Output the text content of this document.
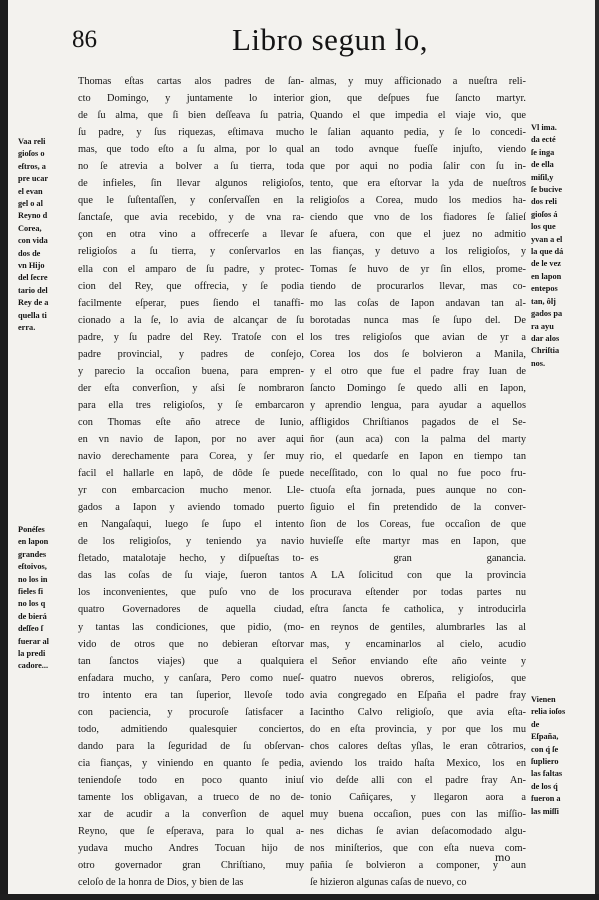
86	Libro segun lo,
Vaa reli
gioſos o
eſtros, a
pre ucar
el evan
gel o al
Reyno d
Corea,
con vida
dos de
vn Hijo
del ſecre
tario del
Rey de a
quella ti
erra.
Ponéſes
en lapon
grandes
eſtoivos,
no los in
fieles fi
no los q
de bierá
deſſeo ſ
fuerar al
la predi
cadore...
Thomas eſtas cartas alos padres de ſan-
cto Domingo, y juntamente lo interior
de ſu alma, que ſi bien deſſeava ſu patria,
ſu padre, y ſus riquezas, eſtimava mucho
mas, que todo eſto a ſu alma, por lo qual
no ſe atrevia a bolver a ſu tierra, toda
de infieles, ſin llevar algunos religioſos,
que le ſuſtentaſſen, y conſervaſſen en la
ſanctaſe, que avia recebido, y de vna ra-
çon en otra vino a offrecerſe a llevar
religioſos a ſu tierra, y conſervarlos en
ella con el amparo de ſu padre, y protec-
cion del Rey, que offrecia, y ſe podia
facilmente eſperar, pues ſiendo el tanaffi-
cionado a la ſe, lo avia de alcançar de ſu
padre, y ſu padre del Rey. Tratoſe con el
padre provincial, y padres de conſejo,
y parecio la occaſion buena, para empren-
der eſta converſion, y aſsi ſe nombraron
para ella tres religioſos, y ſe embarcaron
con Thomas eſte año atrece de Iunio,
en vn navio de Iapon, por no aver aqui
navio derechamente para Corea, y ſer muy
facil el hallarle en lapô, de dôde ſe puede
yr con embarcacion mucho menor. Lle-
gados a Iapon y aviendo tomado puerto
en Nangaſaqui, luego ſe ſupo el intento
de los religioſos, y teniendo ya navio
fletado, matalotaje hecho, y diſpueſtas to-
das las coſas de ſu viaje, ſueron tantos
los inconvenientes, que puſo vno de los
quatro Governadores de aquella ciudad,
y tantas las condiciones, que pidio, (mo-
vido de otros que no debieran eſtorvar
tan ſanctos viajes) que a qualquiera
enfadara mucho, y canſara, Pero como nueſ-
tro intento era tan ſuperior, llevoſe todo
con paciencia, y procuroſe ſatisfacer a
todo, admitiendo qualesquier conciertos,
dando para la ſeguridad de ſu obſervan-
cia fianças, y viniendo en quanto ſe pedia,
teniendoſe todo en poco quanto iniuſ
tamente los obligavan, a trueco de no de-
xar de acudir a la converſion de aquel
Reyno, que ſe eſperava, para lo qual a-
yudava mucho Andres Tocuan hijo de
otro governador gran Chriſtiano, muy
celoſo de la honra de Dios, y bien de las
almas, y muy afficionado a nueſtra reli-
gion, que deſpues fue ſancto martyr.
Quando el que impedia el viaje vio, que
le ſalian aquanto pedia, y ſe lo concedi-
an todo avnque fueſſe injuſto, viendo
que por aqui no podia ſalir con ſu in-
tento, que era eſtorvar la yda de nueſtros
religioſos a Corea, mudo los medios ha-
ciendo que vno de los fiadores ſe ſalieſ
ſe afuera, con que el juez no admitio
las fianças, y detuvo a los religioſos, y
Tomas ſe huvo de yr ſin ellos, prome-
tiendo de procurarlos llevar, mas co-
mo las coſas de Iapon andavan tan al-
borotadas nunca mas ſe ſupo del. De
los tres religioſos que avian de yr a
Corea los dos ſe bolvieron a Manila,
y el otro que fue el padre fray Iuan de
ſancto Domingo ſe quedo alli en Iapon,
y aprendio lengua, para ayudar a aquellos
affligidos Chriſtianos pagados de el Se-
ñor (aun aca) con la palma del marty
rio, el quedarſe en Iapon en tiempo tan
neceſſitado, con lo qual no fue poco fru-
ctuoſa eſta jornada, pues aunque no con-
ſiguio el fin pretendido de la conver-
ſion de los Coreas, fue occaſion de que
huvieſſe eſte martyr mas en Iapon, que
es gran ganancia.
A LA ſolicitud con que la provincia
procurava eſtender por todas partes nu
eſtra ſancta fe catholica, y introducirla
en reynos de gentiles, alumbrarles las al
mas, y encaminarlos al cielo, acudio
el Señor enviando eſte año veinte y
quatro nuevos obreros, religioſos, que
avia congregado en Eſpaña el padre fray
Iacintho Calvo religioſo, que avia eſta-
do en eſta provincia, y por que los mu
chos calores deſtas yſlas, le eran côtrarios,
aviendo los traido haſta Mexico, los en
vio deſde alli con el padre fray An-
tonio Cañiçares, y llegaron aora a
muy buena occaſion, pues con las miſſio-
nes dichas ſe avian deſacomodado algu-
nos miniſterios, que con eſta nueva com-
pañia ſe bolvieron a componer, y aun
ſe hizieron algunas caſas de nuevo, co
Vl ima.
da ecté
ſe inga
de ella
miſil,y
ſe bucive
dos reli
gioſos á
los que
yvan a el
la que dá
de le vez
en lapon
entepos
tan, ôlj
gados pa
ra ayu
dar alos
Chriſtia
nos.
Vienen
relia ioſos
de
Eſpaña,
con q́ ſe
ſupliero
las faltas
de los q́
fueron a
las miſſi
mo
